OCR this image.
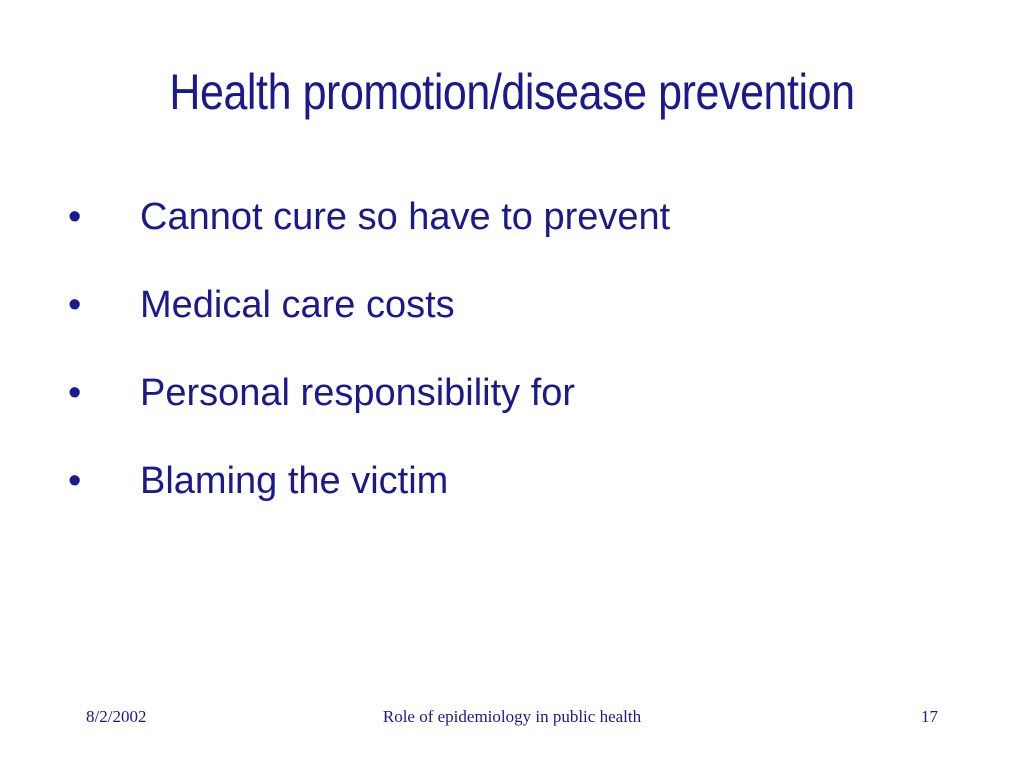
Health promotion/disease prevention
•	Cannot cure so have to prevent
•	Medical care costs
•	Personal responsibility for
•	Blaming the victim
8/2/2002	Role of epidemiology in public health	17
